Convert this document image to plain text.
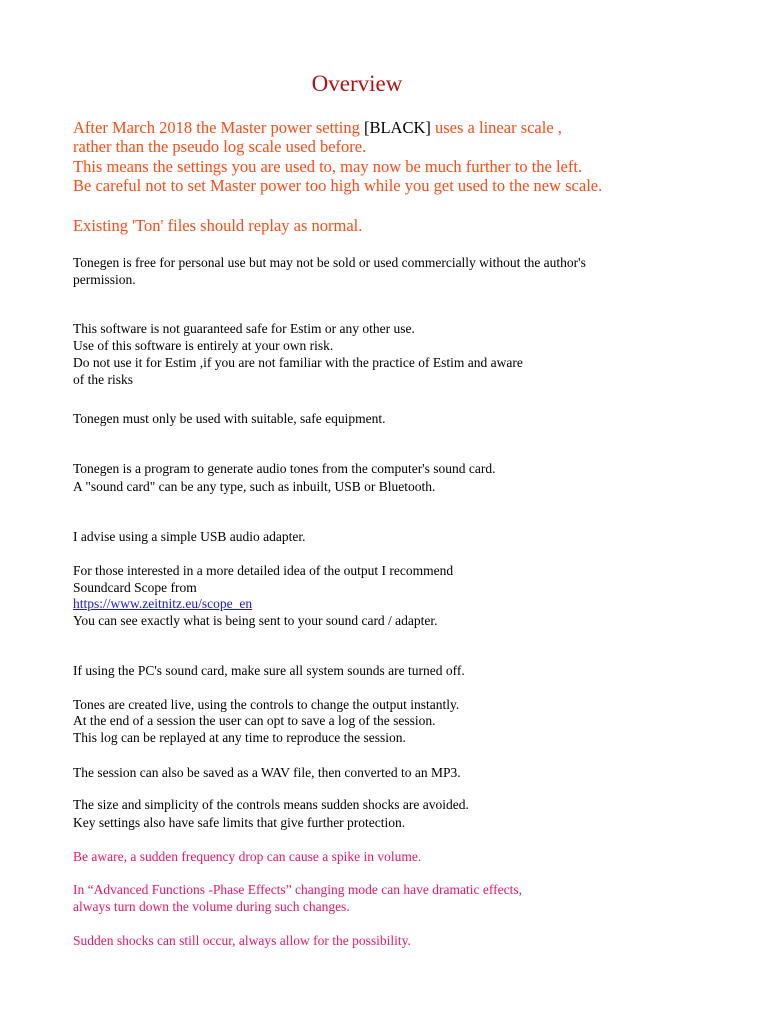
Overview
After March 2018 the Master power setting [BLACK] uses a linear scale ,
rather than the pseudo log scale used before.
This means the settings you are used to, may now be much further to the left.
Be careful not to set Master power too high while you get used to the new scale.
Existing 'Ton' files should replay as normal.
Tonegen is free for personal use but may not be sold or used commercially without the author's
permission.
This software is not guaranteed safe for Estim or any other use.
Use of this software is entirely at your own risk.
Do not use it for Estim ,if you are not familiar with the practice of Estim and aware
of the risks
Tonegen must only be used with suitable, safe equipment.
Tonegen is a program to generate audio tones from the computer's sound card.
A "sound card" can be any type, such as inbuilt, USB or Bluetooth.
I advise using a simple USB audio adapter.
For those interested in a more detailed idea of the output I recommend
Soundcard Scope from
https://www.zeitnitz.eu/scope_en
You can see exactly what is being sent to your sound card / adapter.
If using the PC's sound card, make sure all system sounds are turned off.
Tones are created live, using the controls to change the output instantly.
At the end of a session the user can opt to save a log of the session.
This log can be replayed at any time to reproduce the session.
The session can also be saved as a WAV file, then converted to an MP3.
The size and simplicity of the controls means sudden shocks are avoided.
Key settings also have safe limits that give further protection.
Be aware, a sudden frequency drop can cause a spike in volume.
In “Advanced Functions -Phase Effects” changing mode can have dramatic effects,
always turn down the volume during such changes.
Sudden shocks can still occur, always allow for the possibility.
